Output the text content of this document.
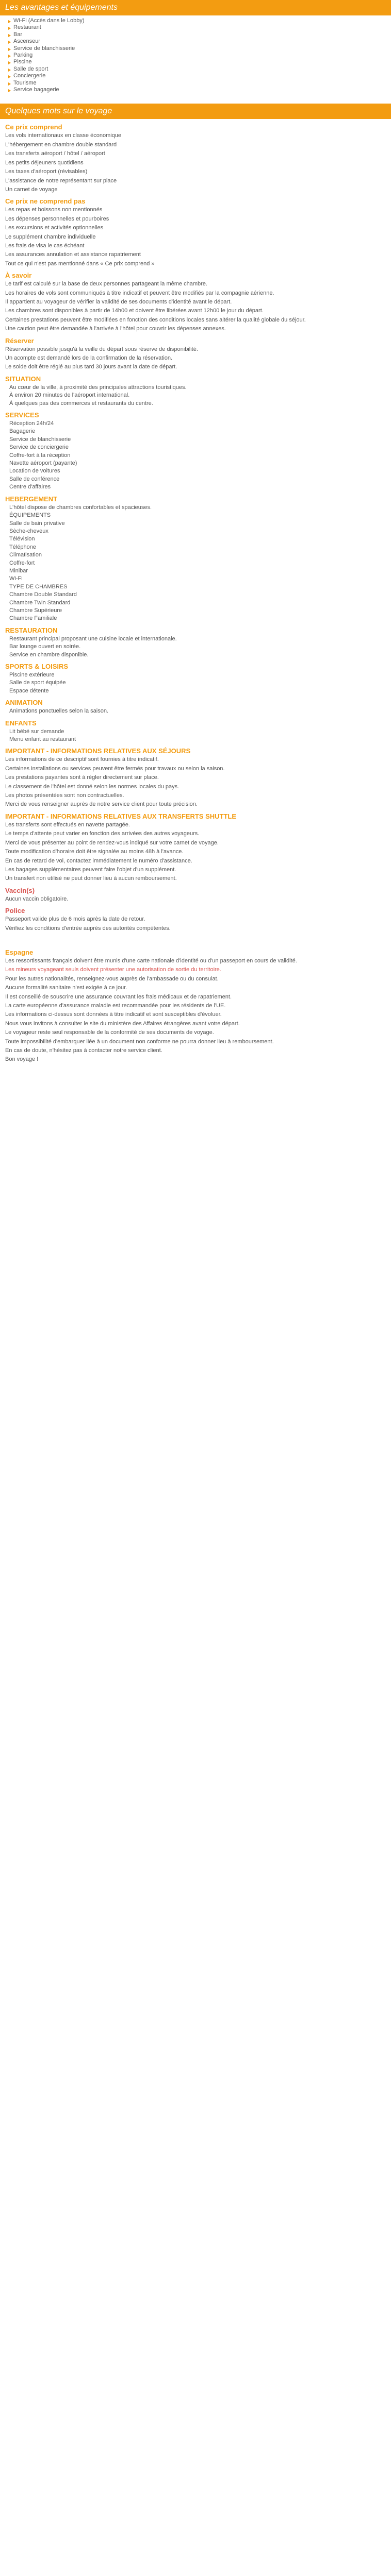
Les avantages et équipements
Wi-Fi (Accès dans le Lobby)
Restaurant
Bar
Ascenseur
Service de blanchisserie
Parking
Piscine
Salle de sport
Conciergerie
Tourisme
Service bagagerie
Quelques mots sur le voyage
Ce prix comprend

Les vols internationaux en classe économique

L'hébergement en chambre double standard

Les transferts aéroport / hôtel / aéroport

Les petits déjeuners quotidiens

Les taxes d'aéroport (révisables)

L'assistance de notre représentant sur place

Un carnet de voyage

Ce prix ne comprend pas

Les repas et boissons non mentionnés

Les dépenses personnelles et pourboires

Les excursions et activités optionnelles

Le supplément chambre individuelle

Les frais de visa le cas échéant

Les assurances annulation et assistance rapatriement

Tout ce qui n'est pas mentionné dans « Ce prix comprend »

À savoir

Le tarif est calculé sur la base de deux personnes partageant la même chambre.

Les horaires de vols sont communiqués à titre indicatif et peuvent être modifiés par la compagnie aérienne.

Il appartient au voyageur de vérifier la validité de ses documents d'identité avant le départ.

Les chambres sont disponibles à partir de 14h00 et doivent être libérées avant 12h00 le jour du départ.

Certaines prestations peuvent être modifiées en fonction des conditions locales sans altérer la qualité globale du séjour.

Une caution peut être demandée à l'arrivée à l'hôtel pour couvrir les dépenses annexes.

Réserver

Réservation possible jusqu'à la veille du départ sous réserve de disponibilité.

Un acompte est demandé lors de la confirmation de la réservation.

Le solde doit être réglé au plus tard 30 jours avant la date de départ.

SITUATION
Au cœur de la ville, à proximité des principales attractions touristiques.
À environ 20 minutes de l'aéroport international.
À quelques pas des commerces et restaurants du centre.
SERVICES
Réception 24h/24
Bagagerie
Service de blanchisserie
Service de conciergerie
Coffre-fort à la réception
Navette aéroport (payante)
Location de voitures
Salle de conférence
Centre d'affaires
HEBERGEMENT
L'hôtel dispose de chambres confortables et spacieuses.
ÉQUIPEMENTS
Salle de bain privative
Sèche-cheveux
Télévision
Téléphone
Climatisation
Coffre-fort
Minibar
Wi-Fi
TYPE DE CHAMBRES
Chambre Double Standard
Chambre Twin Standard
Chambre Supérieure
Chambre Familiale
RESTAURATION
Restaurant principal proposant une cuisine locale et internationale.
Bar lounge ouvert en soirée.
Service en chambre disponible.
SPORTS & LOISIRS
Piscine extérieure
Salle de sport équipée
Espace détente
ANIMATION
Animations ponctuelles selon la saison.
ENFANTS
Lit bébé sur demande
Menu enfant au restaurant
IMPORTANT - INFORMATIONS RELATIVES AUX SÉJOURS

Les informations de ce descriptif sont fournies à titre indicatif.

Certaines installations ou services peuvent être fermés pour travaux ou selon la saison.

Les prestations payantes sont à régler directement sur place.

Le classement de l'hôtel est donné selon les normes locales du pays.

Les photos présentées sont non contractuelles.

Merci de vous renseigner auprès de notre service client pour toute précision.

IMPORTANT - INFORMATIONS RELATIVES AUX TRANSFERTS SHUTTLE

Les transferts sont effectués en navette partagée.

Le temps d'attente peut varier en fonction des arrivées des autres voyageurs.

Merci de vous présenter au point de rendez-vous indiqué sur votre carnet de voyage.

Toute modification d'horaire doit être signalée au moins 48h à l'avance.

En cas de retard de vol, contactez immédiatement le numéro d'assistance.

Les bagages supplémentaires peuvent faire l'objet d'un supplément.

Un transfert non utilisé ne peut donner lieu à aucun remboursement.

Vaccin(s)

Aucun vaccin obligatoire.

Police

Passeport valide plus de 6 mois après la date de retour.

Vérifiez les conditions d'entrée auprès des autorités compétentes.

Espagne

Les ressortissants français doivent être munis d'une carte nationale d'identité ou d'un passeport en cours de validité.

Les mineurs voyageant seuls doivent présenter une autorisation de sortie du territoire.

Pour les autres nationalités, renseignez-vous auprès de l'ambassade ou du consulat.

Aucune formalité sanitaire n'est exigée à ce jour.

Il est conseillé de souscrire une assurance couvrant les frais médicaux et de rapatriement.

La carte européenne d'assurance maladie est recommandée pour les résidents de l'UE.

Les informations ci-dessus sont données à titre indicatif et sont susceptibles d'évoluer.

Nous vous invitons à consulter le site du ministère des Affaires étrangères avant votre départ.

Le voyageur reste seul responsable de la conformité de ses documents de voyage.

Toute impossibilité d'embarquer liée à un document non conforme ne pourra donner lieu à remboursement.

En cas de doute, n'hésitez pas à contacter notre service client.

Bon voyage !
